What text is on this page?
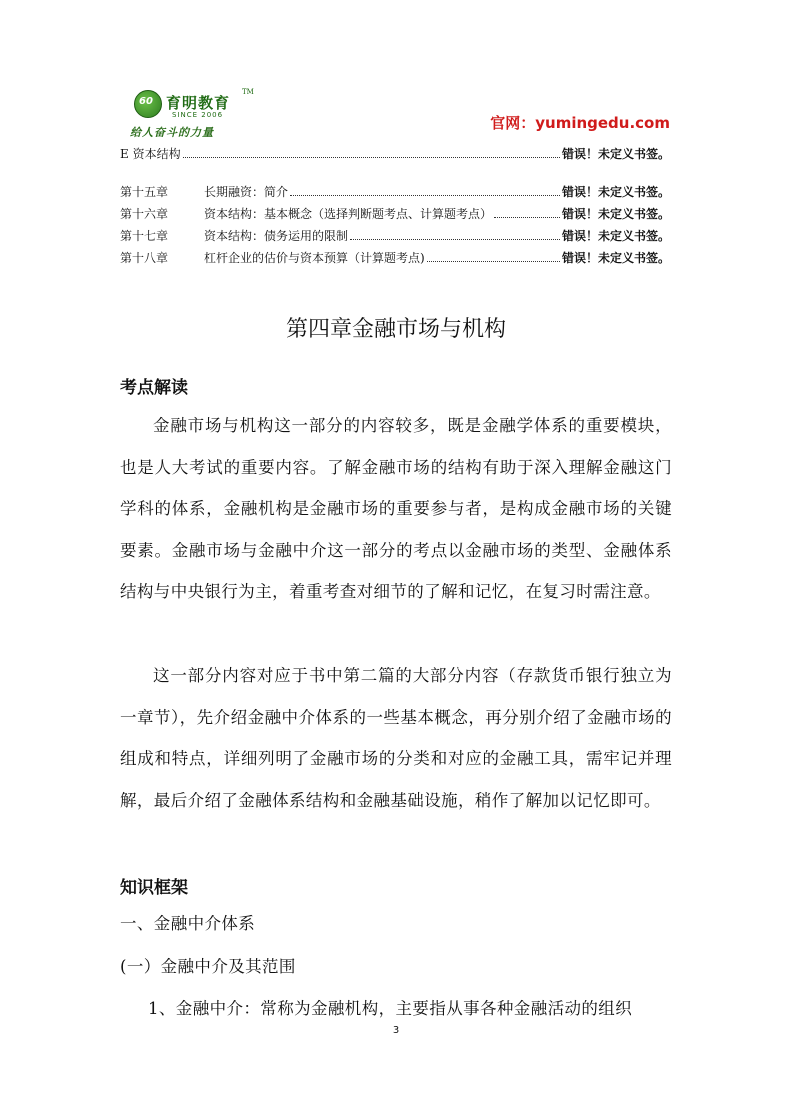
60 育明教育
TM
SINCE 2006
给人奋斗的力量
官网：yumingedu.com
E 资本结构	错误！未定义书签。
第十五章	长期融资：简介	错误！未定义书签。
第十六章	资本结构：基本概念（选择判断题考点、计算题考点）	错误！未定义书签。
第十七章	资本结构：债务运用的限制	错误！未定义书签。
第十八章	杠杆企业的估价与资本预算（计算题考点)	错误！未定义书签。
第四章金融市场与机构
考点解读
金融市场与机构这一部分的内容较多，既是金融学体系的重要模块，也是人大考试的重要内容。了解金融市场的结构有助于深入理解金融这门学科的体系，金融机构是金融市场的重要参与者，是构成金融市场的关键要素。金融市场与金融中介这一部分的考点以金融市场的类型、金融体系结构与中央银行为主，着重考查对细节的了解和记忆，在复习时需注意。
这一部分内容对应于书中第二篇的大部分内容（存款货币银行独立为一章节），先介绍金融中介体系的一些基本概念，再分别介绍了金融市场的组成和特点，详细列明了金融市场的分类和对应的金融工具，需牢记并理解，最后介绍了金融体系结构和金融基础设施，稍作了解加以记忆即可。
知识框架
一、金融中介体系
(一）金融中介及其范围
1、金融中介：常称为金融机构，主要指从事各种金融活动的组织
3
